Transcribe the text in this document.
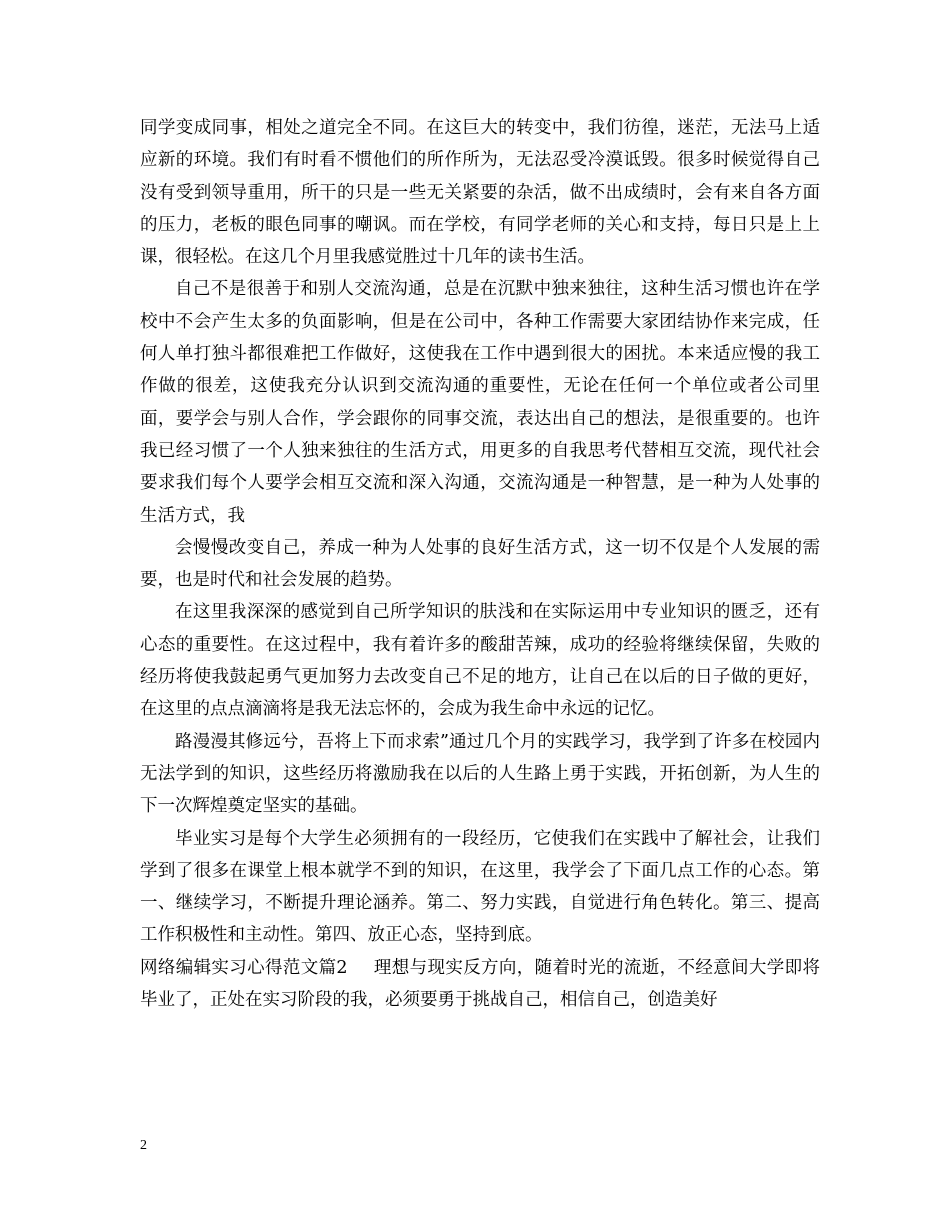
同学变成同事，相处之道完全不同。在这巨大的转变中，我们彷徨，迷茫，无法马上适应新的环境。我们有时看不惯他们的所作所为，无法忍受冷漠诋毁。很多时候觉得自己没有受到领导重用，所干的只是一些无关紧要的杂活，做不出成绩时，会有来自各方面的压力，老板的眼色同事的嘲讽。而在学校，有同学老师的关心和支持，每日只是上上课，很轻松。在这几个月里我感觉胜过十几年的读书生活。

自己不是很善于和别人交流沟通，总是在沉默中独来独往，这种生活习惯也许在学校中不会产生太多的负面影响，但是在公司中，各种工作需要大家团结协作来完成，任何人单打独斗都很难把工作做好，这使我在工作中遇到很大的困扰。本来适应慢的我工作做的很差，这使我充分认识到交流沟通的重要性，无论在任何一个单位或者公司里面，要学会与别人合作，学会跟你的同事交流，表达出自己的想法，是很重要的。也许我已经习惯了一个人独来独往的生活方式，用更多的自我思考代替相互交流，现代社会要求我们每个人要学会相互交流和深入沟通，交流沟通是一种智慧，是一种为人处事的生活方式，我

会慢慢改变自己，养成一种为人处事的良好生活方式，这一切不仅是个人发展的需要，也是时代和社会发展的趋势。

在这里我深深的感觉到自己所学知识的肤浅和在实际运用中专业知识的匮乏，还有心态的重要性。在这过程中，我有着许多的酸甜苦辣，成功的经验将继续保留，失败的经历将使我鼓起勇气更加努力去改变自己不足的地方，让自己在以后的日子做的更好，在这里的点点滴滴将是我无法忘怀的，会成为我生命中永远的记忆。

路漫漫其修远兮，吾将上下而求索”通过几个月的实践学习，我学到了许多在校园内无法学到的知识，这些经历将激励我在以后的人生路上勇于实践，开拓创新，为人生的下一次辉煌奠定坚实的基础。

毕业实习是每个大学生必须拥有的一段经历，它使我们在实践中了解社会，让我们学到了很多在课堂上根本就学不到的知识，在这里，我学会了下面几点工作的心态。第一、继续学习，不断提升理论涵养。第二、努力实践，自觉进行角色转化。第三、提高工作积极性和主动性。第四、放正心态，坚持到底。

网络编辑实习心得范文篇2 理想与现实反方向，随着时光的流逝，不经意间大学即将毕业了，正处在实习阶段的我，必须要勇于挑战自己，相信自己，创造美好

2
